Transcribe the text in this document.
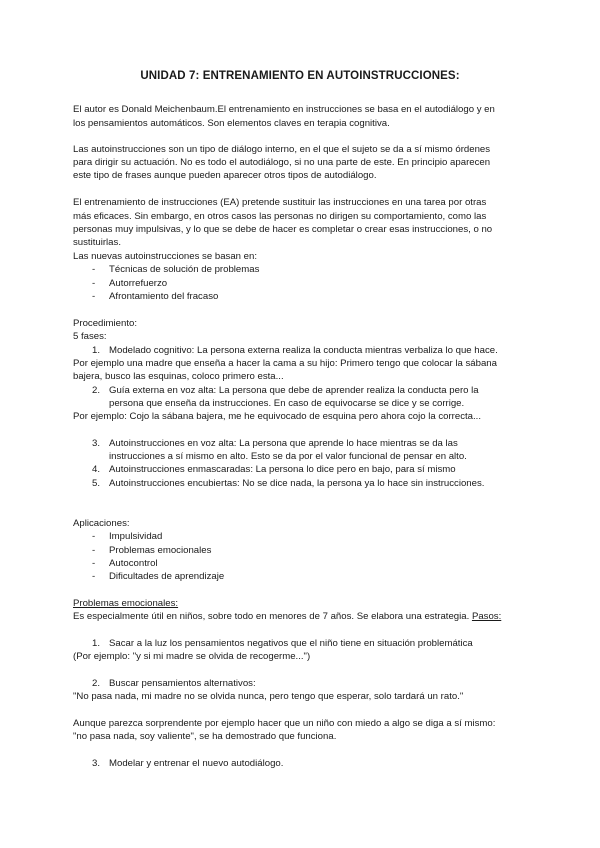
UNIDAD 7: ENTRENAMIENTO EN AUTOINSTRUCCIONES:
El autor es Donald Meichenbaum.El entrenamiento en instrucciones se basa en el autodiálogo y en
los pensamientos automáticos. Son elementos claves en terapia cognitiva.
Las autoinstrucciones son un tipo de diálogo interno, en el que el sujeto se da a sí mismo órdenes
para dirigir su actuación. No es todo el autodiálogo, si no una parte de este. En principio aparecen
este tipo de frases aunque pueden aparecer otros tipos de autodiálogo.
El entrenamiento de instrucciones (EA) pretende sustituir las instrucciones en una tarea por otras
más eficaces. Sin embargo, en otros casos las personas no dirigen su comportamiento, como las
personas muy impulsivas, y lo que se debe de hacer es completar o crear esas instrucciones, o no
sustituirlas.
Las nuevas autoinstrucciones se basan en:
- Técnicas de solución de problemas
- Autorrefuerzo
- Afrontamiento del fracaso
Procedimiento:
5 fases:
1. Modelado cognitivo: La persona externa realiza la conducta mientras verbaliza lo que hace.
Por ejemplo una madre que enseña a hacer la cama a su hijo: Primero tengo que colocar la sábana
bajera, busco las esquinas, coloco primero esta...
2. Guía externa en voz alta: La persona que debe de aprender realiza la conducta pero la
persona que enseña da instrucciones. En caso de equivocarse se dice y se corrige.
Por ejemplo: Cojo la sábana bajera, me he equivocado de esquina pero ahora cojo la correcta...
3. Autoinstrucciones en voz alta: La persona que aprende lo hace mientras se da las
instrucciones a sí mismo en alto. Esto se da por el valor funcional de pensar en alto.
4. Autoinstrucciones enmascaradas: La persona lo dice pero en bajo, para sí mismo
5. Autoinstrucciones encubiertas: No se dice nada, la persona ya lo hace sin instrucciones.
Aplicaciones:
- Impulsividad
- Problemas emocionales
- Autocontrol
- Dificultades de aprendizaje
Problemas emocionales:
Es especialmente útil en niños, sobre todo en menores de 7 años. Se elabora una estrategia. Pasos:
1. Sacar a la luz los pensamientos negativos que el niño tiene en situación problemática
(Por ejemplo: "y si mi madre se olvida de recogerme...")
2. Buscar pensamientos alternativos:
"No pasa nada, mi madre no se olvida nunca, pero tengo que esperar, solo tardará un rato."
Aunque parezca sorprendente por ejemplo hacer que un niño con miedo a algo se diga a sí mismo:
"no pasa nada, soy valiente", se ha demostrado que funciona.
3. Modelar y entrenar el nuevo autodiálogo.
